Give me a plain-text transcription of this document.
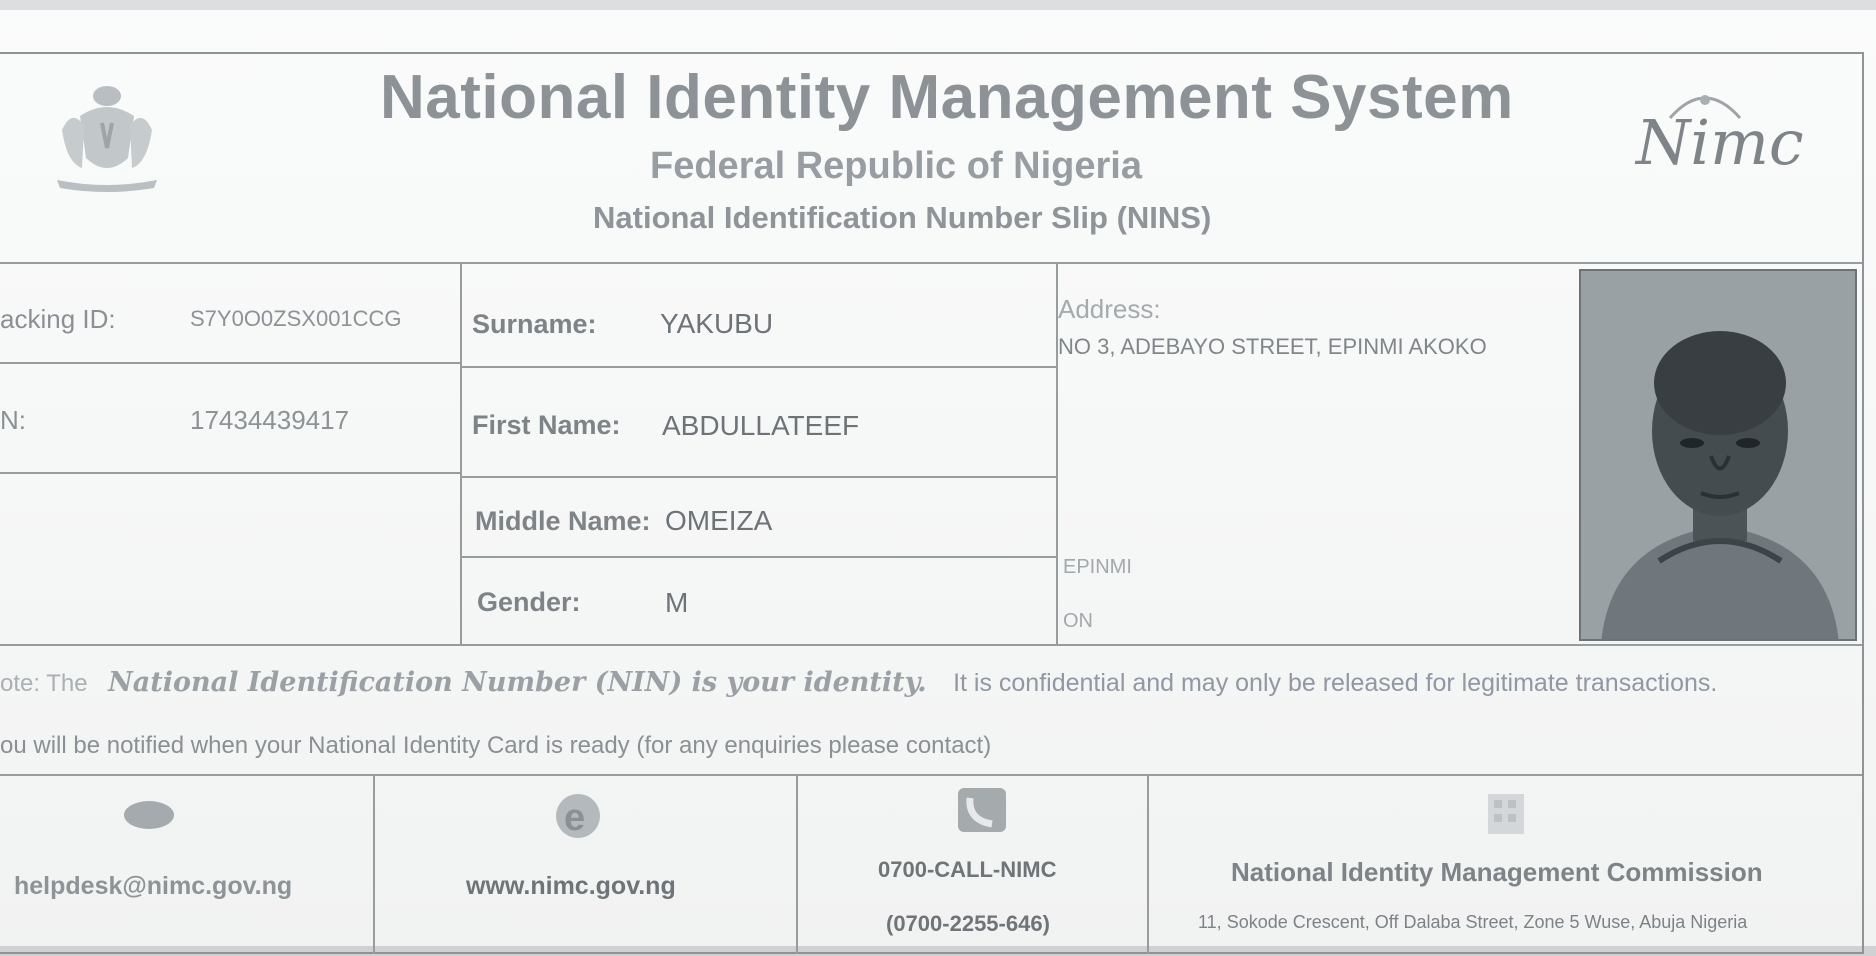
National Identity Management System
Federal Republic of Nigeria
National Identification Number Slip (NINS)
Nimc
acking ID:	S7Y0O0ZSX001CCG
N:	17434439417
Surname: YAKUBU
First Name: ABDULLATEEF
Middle Name: OMEIZA
Gender:	M
Address:
NO 3, ADEBAYO STREET, EPINMI AKOKO
EPINMI
ON
ote: The National Identification Number (NIN) is your identity. It is confidential and may only be released for legitimate transactions.
ou will be notified when your National Identity Card is ready (for any enquiries please contact)
helpdesk@nimc.gov.ng
e
www.nimc.gov.ng
0700-CALL-NIMC
(0700-2255-646)
National Identity Management Commission
11, Sokode Crescent, Off Dalaba Street, Zone 5 Wuse, Abuja Nigeria
